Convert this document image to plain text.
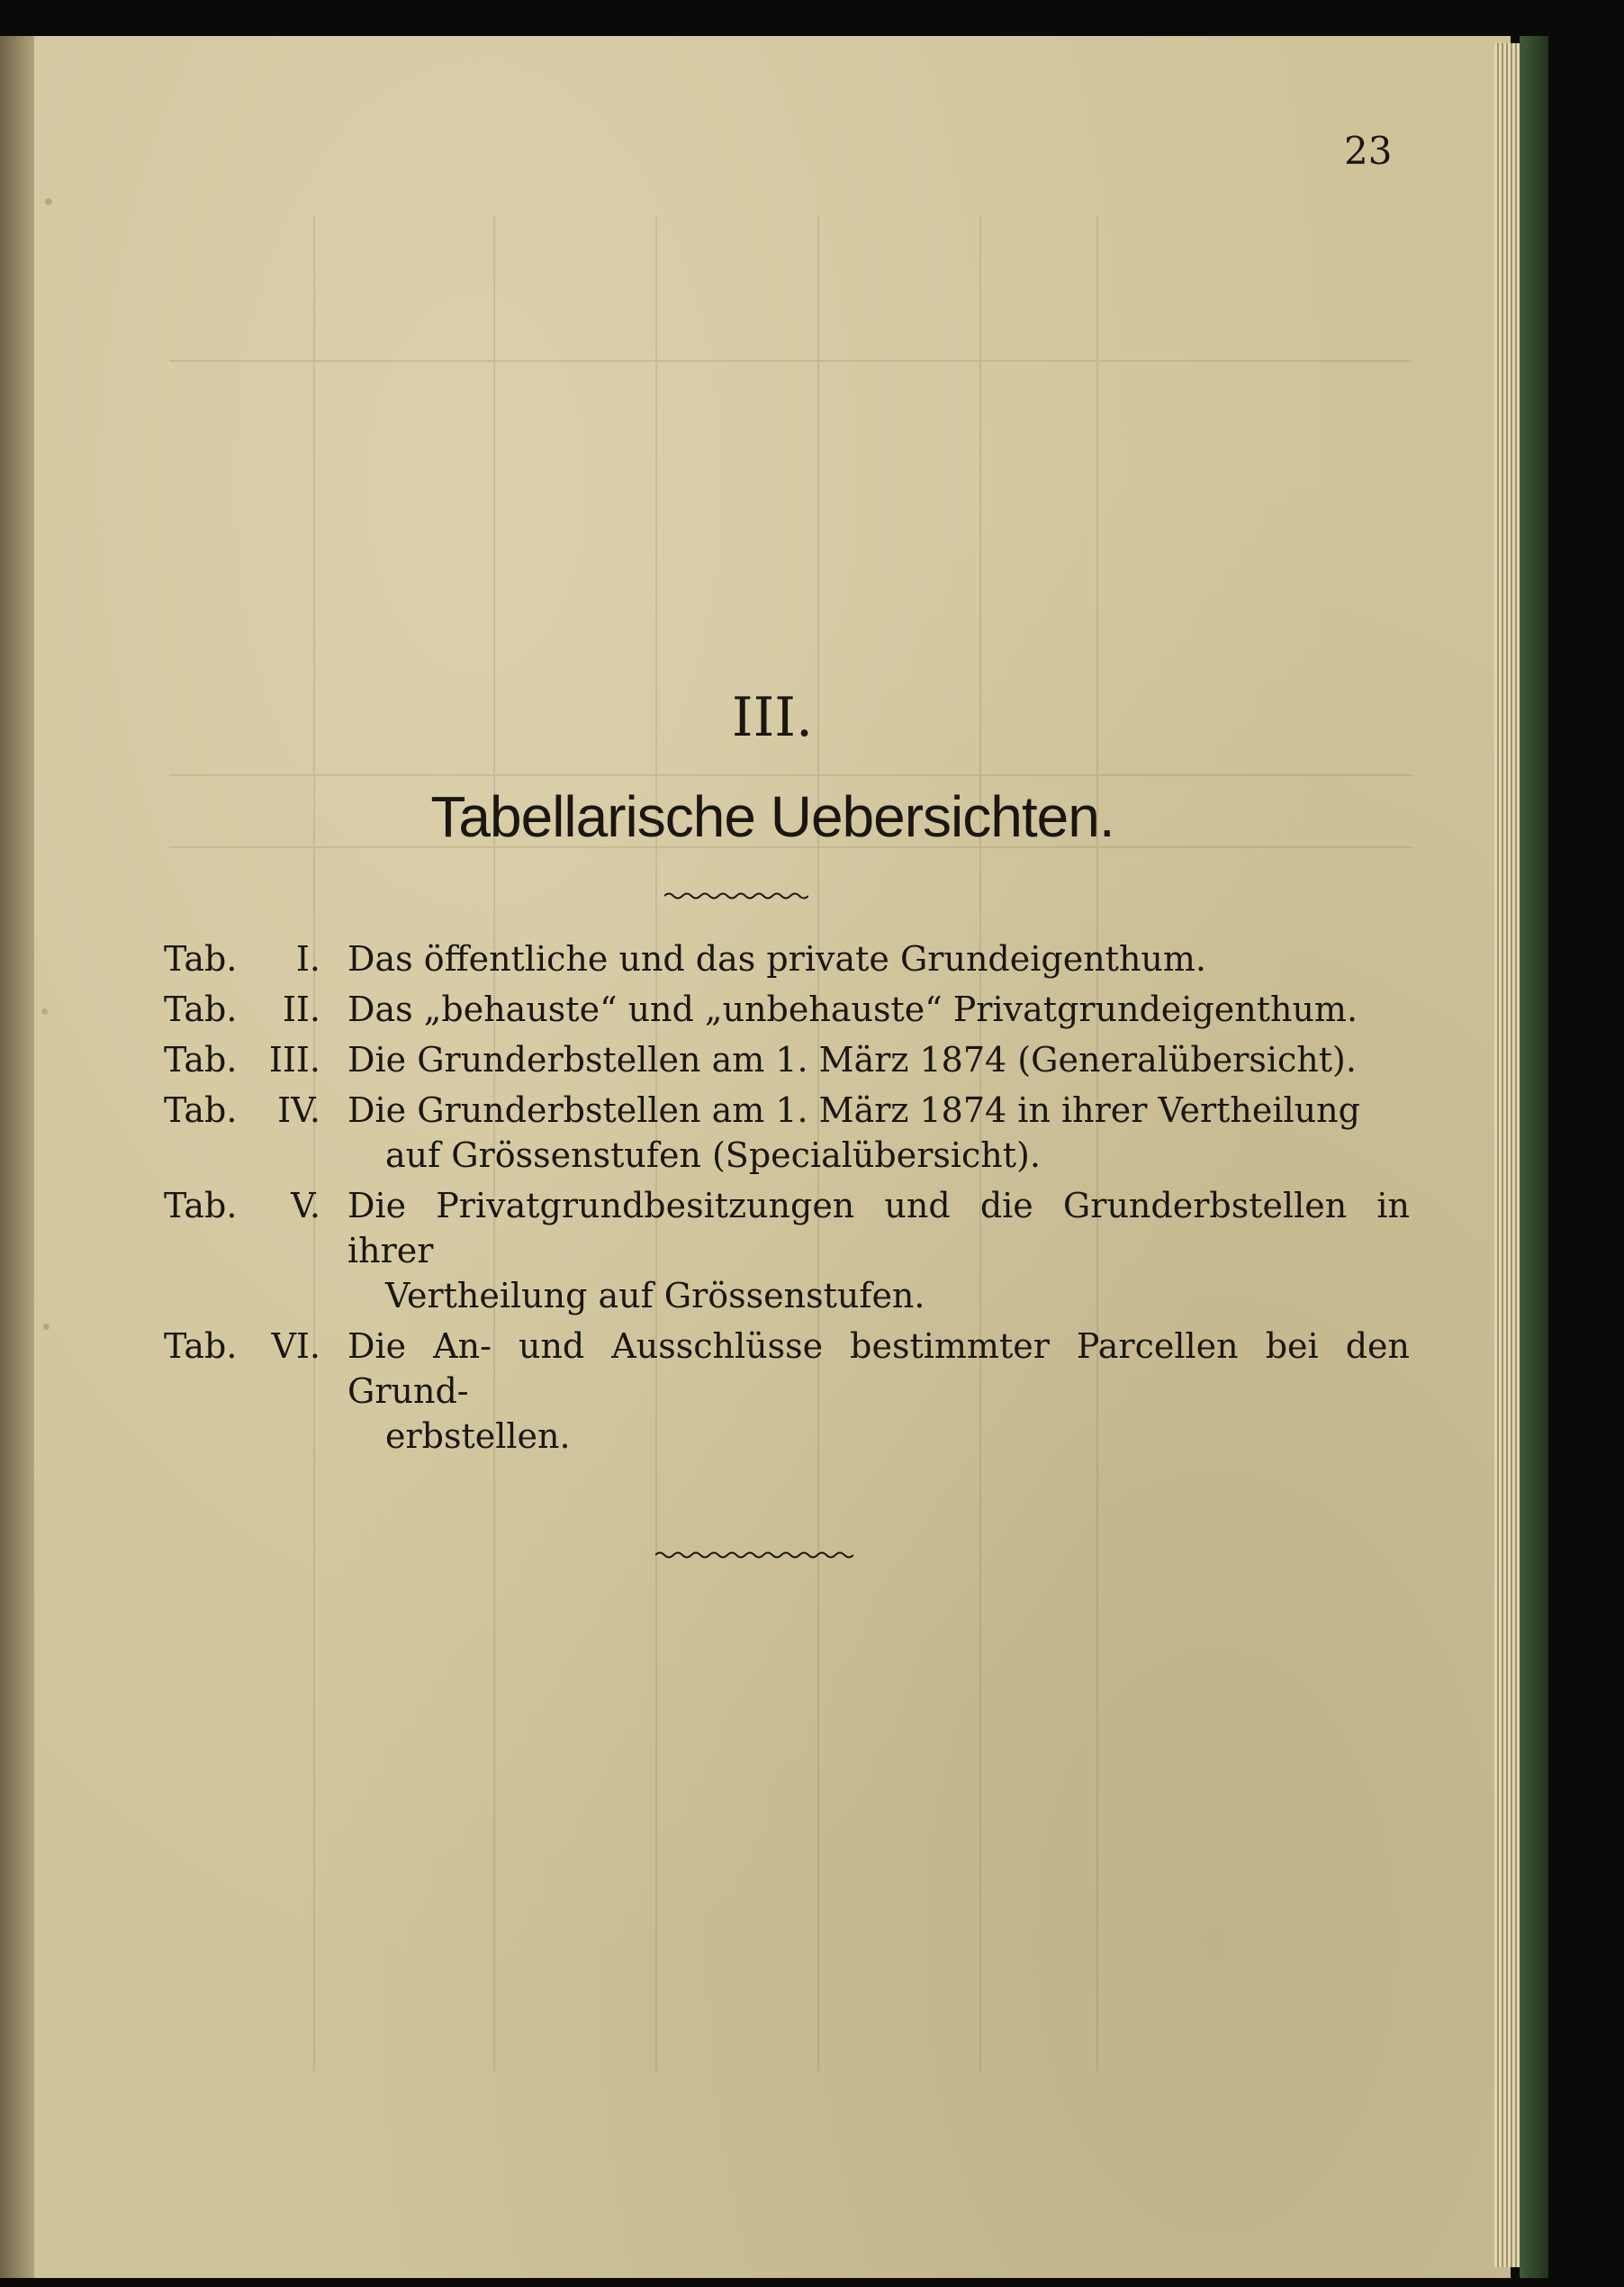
23
III.
Tabellarische Uebersichten.
Tab.	I. Das öffentliche und das private Grundeigenthum.
Tab.	II. Das „behauste“ und „unbehauste“ Privatgrundeigenthum.
Tab. III. Die Grunderbstellen am 1. März 1874 (Generalübersicht).
Tab.	IV. Die Grunderbstellen am 1. März 1874 in ihrer Vertheilung
auf Grössenstufen (Specialübersicht).
Tab.	V. Die Privatgrundbesitzungen und die Grunderbstellen in ihrer
Vertheilung auf Grössenstufen.
Tab. VI. Die An- und Ausschlüsse bestimmter Parcellen bei den Grund-
erbstellen.
